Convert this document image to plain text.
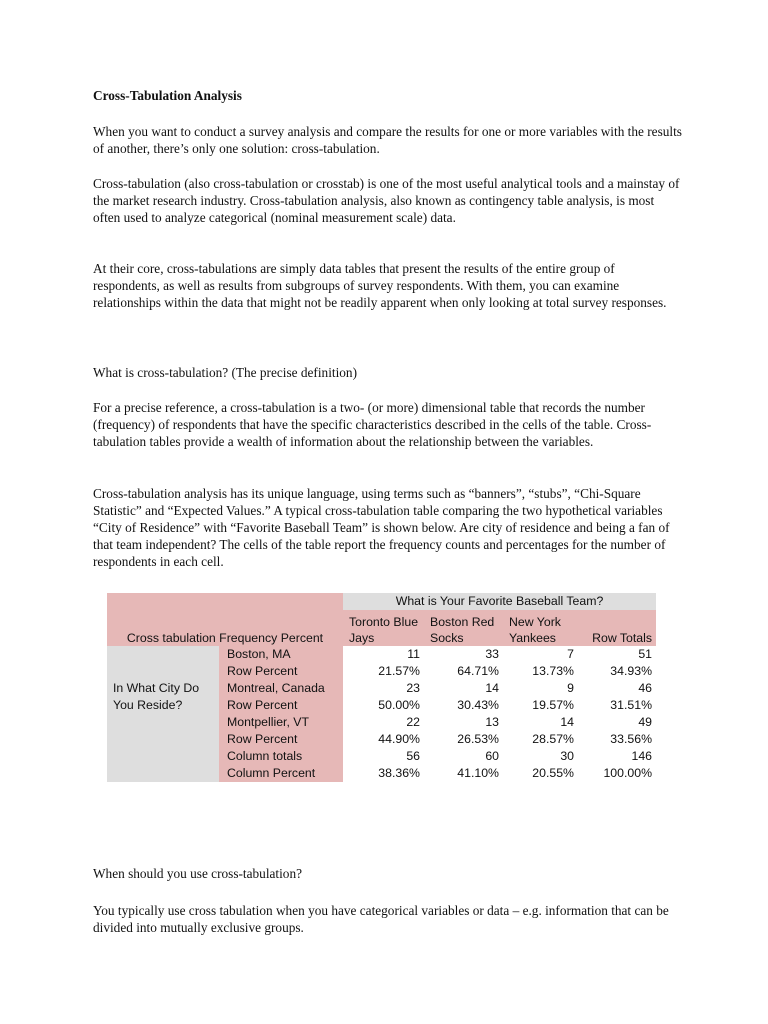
Cross-Tabulation Analysis

When you want to conduct a survey analysis and compare the results for one or more variables with the results of another, there’s only one solution: cross-tabulation.

Cross-tabulation (also cross-tabulation or crosstab) is one of the most useful analytical tools and a mainstay of the market research industry. Cross-tabulation analysis, also known as contingency table analysis, is most often used to analyze categorical (nominal measurement scale) data.

At their core, cross-tabulations are simply data tables that present the results of the entire group of respondents, as well as results from subgroups of survey respondents. With them, you can examine relationships within the data that might not be readily apparent when only looking at total survey responses.

What is cross-tabulation? (The precise definition)

For a precise reference, a cross-tabulation is a two- (or more) dimensional table that records the number (frequency) of respondents that have the specific characteristics described in the cells of the table. Cross-tabulation tables provide a wealth of information about the relationship between the variables.

Cross-tabulation analysis has its unique language, using terms such as “banners”, “stubs”, “Chi-Square Statistic” and “Expected Values.” A typical cross-tabulation table comparing the two hypothetical variables “City of Residence” with “Favorite Baseball Team” is shown below. Are city of residence and being a fan of that team independent? The cells of the table report the frequency counts and percentages for the number of respondents in each cell.

When should you use cross-tabulation?

You typically use cross tabulation when you have categorical variables or data – e.g. information that can be divided into mutually exclusive groups.

		What is Your Favorite Baseball Team?			
Cross tabulation Frequency Percent		Toronto Blue Jays	Boston Red Socks	New York Yankees	Row Totals
In What City Do You Reside?	Boston, MA	11	33	7	51
	Row Percent	21.57%	64.71%	13.73%	34.93%
	Montreal, Canada	23	14	9	46
	Row Percent	50.00%	30.43%	19.57%	31.51%
	Montpellier, VT	22	13	14	49
	Row Percent	44.90%	26.53%	28.57%	33.56%
	Column totals	56	60	30	146
	Column Percent	38.36%	41.10%	20.55%	100.00%
